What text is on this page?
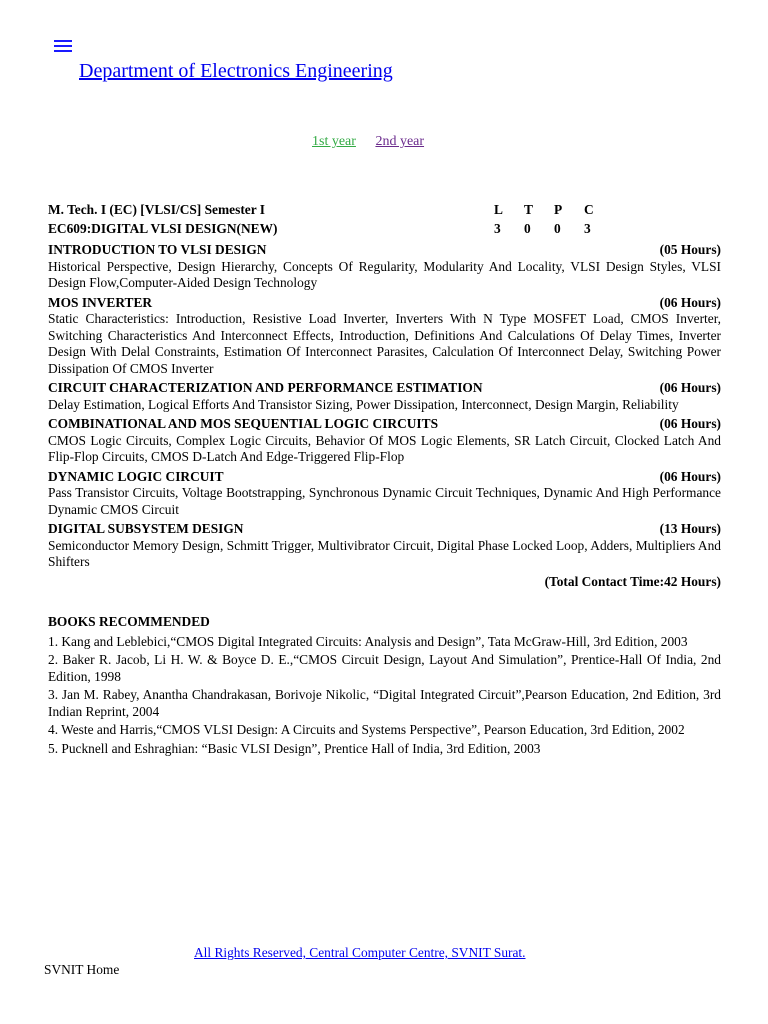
Department of Electronics Engineering
1st year 2nd year
M. Tech. I (EC) [VLSI/CS] Semester I	L	T	P	C
EC609:DIGITAL VLSI DESIGN(NEW)	3	0	0	3
INTRODUCTION TO VLSI DESIGN	(05 Hours)
Historical Perspective, Design Hierarchy, Concepts Of Regularity, Modularity And Locality, VLSI Design Styles, VLSI Design Flow,Computer-Aided Design Technology
MOS INVERTER	(06 Hours)
Static Characteristics: Introduction, Resistive Load Inverter, Inverters With N Type MOSFET Load, CMOS Inverter, Switching Characteristics And Interconnect Effects, Introduction, Definitions And Calculations Of Delay Times, Inverter Design With Delal Constraints, Estimation Of Interconnect Parasites, Calculation Of Interconnect Delay, Switching Power Dissipation Of CMOS Inverter
CIRCUIT CHARACTERIZATION AND PERFORMANCE ESTIMATION	(06 Hours)
Delay Estimation, Logical Efforts And Transistor Sizing, Power Dissipation, Interconnect, Design Margin, Reliability
COMBINATIONAL AND MOS SEQUENTIAL LOGIC CIRCUITS	(06 Hours)
CMOS Logic Circuits, Complex Logic Circuits, Behavior Of MOS Logic Elements, SR Latch Circuit, Clocked Latch And Flip-Flop Circuits, CMOS D-Latch And Edge-Triggered Flip-Flop
DYNAMIC LOGIC CIRCUIT	(06 Hours)
Pass Transistor Circuits, Voltage Bootstrapping, Synchronous Dynamic Circuit Techniques, Dynamic And High Performance Dynamic CMOS Circuit
DIGITAL SUBSYSTEM DESIGN	(13 Hours)
Semiconductor Memory Design, Schmitt Trigger, Multivibrator Circuit, Digital Phase Locked Loop, Adders, Multipliers And Shifters
(Total Contact Time:42 Hours)
BOOKS RECOMMENDED
1. Kang and Leblebici,“CMOS Digital Integrated Circuits: Analysis and Design”, Tata McGraw-Hill, 3rd Edition, 2003
2. Baker R. Jacob, Li H. W. & Boyce D. E.,“CMOS Circuit Design, Layout And Simulation”, Prentice-Hall Of India, 2nd Edition, 1998
3. Jan M. Rabey, Anantha Chandrakasan, Borivoje Nikolic, “Digital Integrated Circuit”,Pearson Education, 2nd Edition, 3rd Indian Reprint, 2004
4. Weste and Harris,“CMOS VLSI Design: A Circuits and Systems Perspective”, Pearson Education, 3rd Edition, 2002
5. Pucknell and Eshraghian: “Basic VLSI Design”, Prentice Hall of India, 3rd Edition, 2003
All Rights Reserved, Central Computer Centre, SVNIT Surat.
SVNIT Home
